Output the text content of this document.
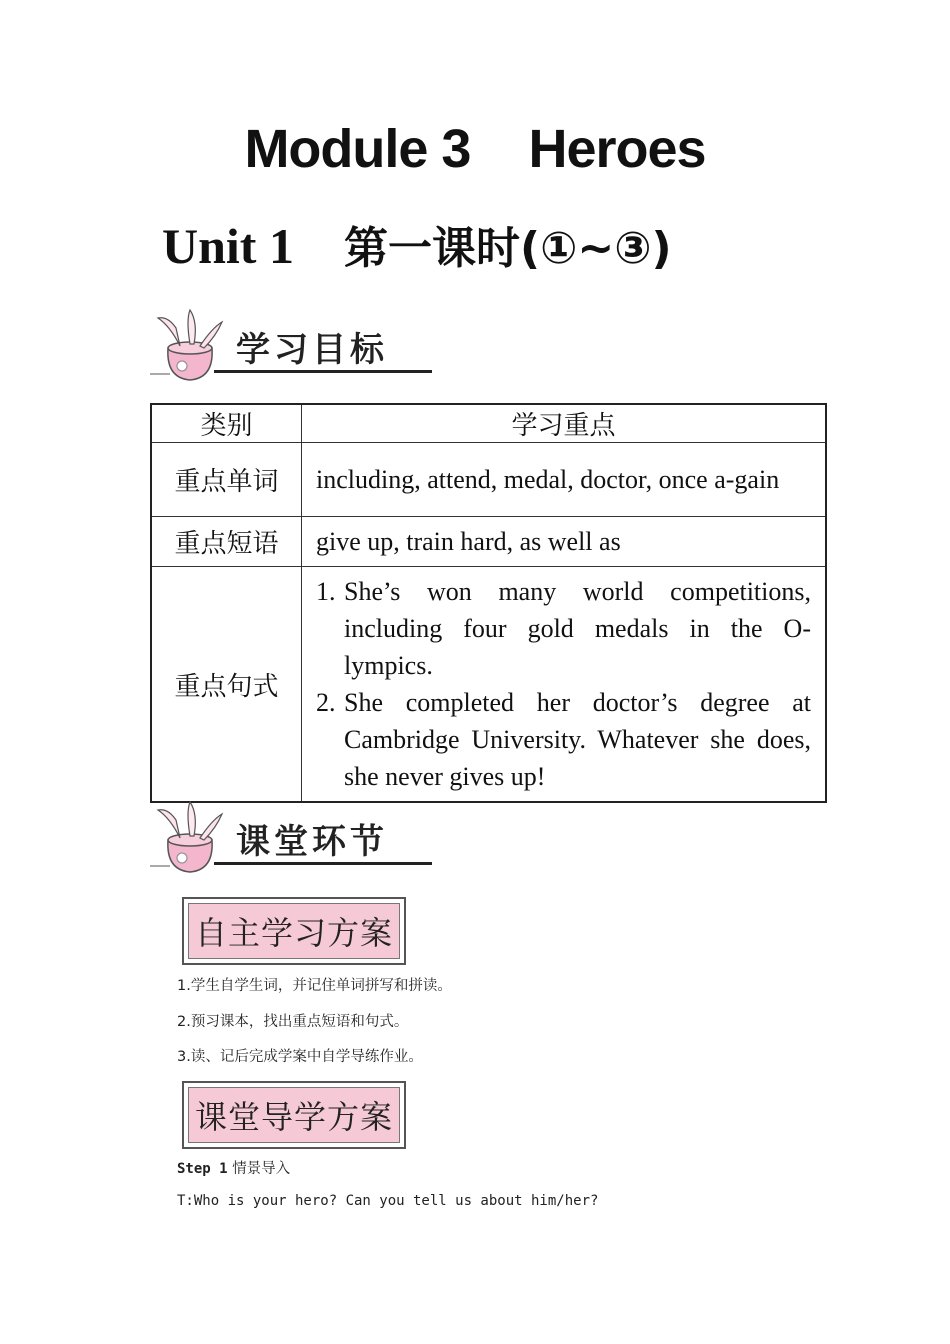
Module 3 Heroes
Unit 1 第一课时(①~③)
学习目标
类别	学习重点
重点单词	including, attend, medal, doctor, once a-gain
重点短语	give up, train hard, as well as
重点句式	1. She’s won many world competitions, including four gold medals in the O-lympics.
2. She completed her doctor’s degree at Cambridge University. Whatever she does, she never gives up!
课堂环节
自主学习方案
1.学生自学生词，并记住单词拼写和拼读。
2.预习课本，找出重点短语和句式。
3.读、记后完成学案中自学导练作业。
课堂导学方案
Step 1 情景导入
T:Who is your hero? Can you tell us about him/her?
